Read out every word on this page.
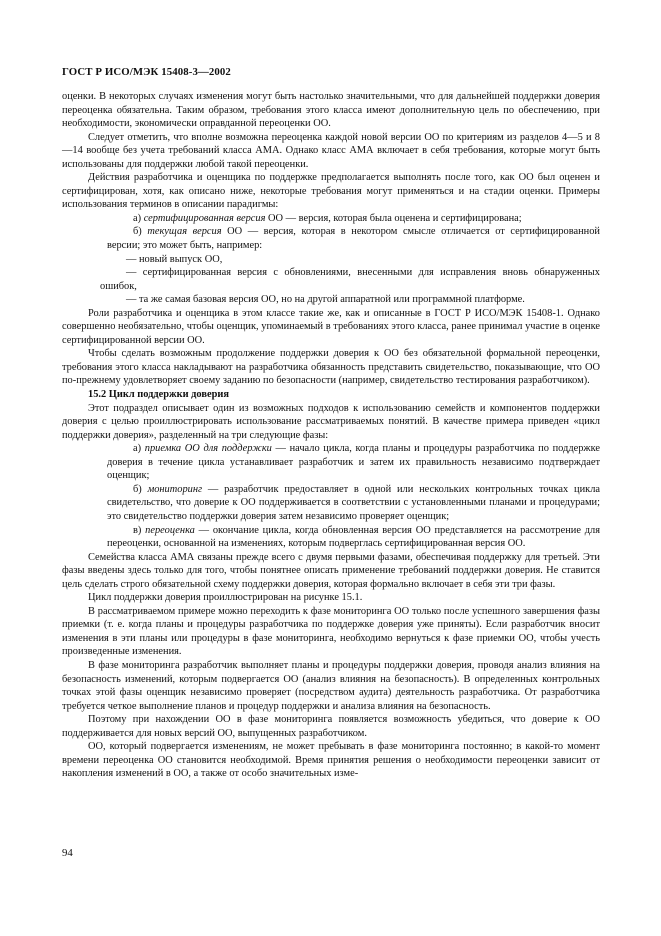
ГОСТ Р ИСО/МЭК 15408-3—2002

оценки. В некоторых случаях изменения могут быть настолько значительными, что для дальнейшей поддержки доверия переоценка обязательна. Таким образом, требования этого класса имеют дополнительную цель по обеспечению, при необходимости, экономически оправданной переоценки ОО.

Следует отметить, что вполне возможна переоценка каждой новой версии ОО по критериям из разделов 4—5 и 8—14 вообще без учета требований класса АМА. Однако класс АМА включает в себя требования, которые могут быть использованы для поддержки любой такой переоценки.

Действия разработчика и оценщика по поддержке предполагается выполнять после того, как ОО был оценен и сертифицирован, хотя, как описано ниже, некоторые требования могут применяться и на стадии оценки. Примеры использования терминов в описании парадигмы:

а) сертифицированная версия ОО — версия, которая была оценена и сертифицирована;

б) текущая версия ОО — версия, которая в некотором смысле отличается от сертифицированной версии; это может быть, например:

— новый выпуск ОО,

— сертифицированная версия с обновлениями, внесенными для исправления вновь обнаруженных ошибок,

— та же самая базовая версия ОО, но на другой аппаратной или программной платформе.

Роли разработчика и оценщика в этом классе такие же, как и описанные в ГОСТ Р ИСО/МЭК 15408-1. Однако совершенно необязательно, чтобы оценщик, упоминаемый в требованиях этого класса, ранее принимал участие в оценке сертифицированной версии ОО.

Чтобы сделать возможным продолжение поддержки доверия к ОО без обязательной формальной переоценки, требования этого класса накладывают на разработчика обязанность представить свидетельство, показывающие, что ОО по-прежнему удовлетворяет своему заданию по безопасности (например, свидетельство тестирования разработчиком).

15.2 Цикл поддержки доверия

Этот подраздел описывает один из возможных подходов к использованию семейств и компонентов поддержки доверия с целью проиллюстрировать использование рассматриваемых понятий. В качестве примера приведен «цикл поддержки доверия», разделенный на три следующие фазы:

а) приемка ОО для поддержки — начало цикла, когда планы и процедуры разработчика по поддержке доверия в течение цикла устанавливает разработчик и затем их правильность независимо подтверждает оценщик;

б) мониторинг — разработчик предоставляет в одной или нескольких контрольных точках цикла свидетельство, что доверие к ОО поддерживается в соответствии с установленными планами и процедурами; это свидетельство поддержки доверия затем независимо проверяет оценщик;

в) переоценка — окончание цикла, когда обновленная версия ОО представляется на рассмотрение для переоценки, основанной на изменениях, которым подверглась сертифицированная версия ОО.

Семейства класса АМА связаны прежде всего с двумя первыми фазами, обеспечивая поддержку для третьей. Эти фазы введены здесь только для того, чтобы понятнее описать применение требований поддержки доверия. Не ставится цель сделать строго обязательной схему поддержки доверия, которая формально включает в себя эти три фазы.

Цикл поддержки доверия проиллюстрирован на рисунке 15.1.

В рассматриваемом примере можно переходить к фазе мониторинга ОО только после успешного завершения фазы приемки (т. е. когда планы и процедуры разработчика по поддержке доверия уже приняты). Если разработчик вносит изменения в эти планы или процедуры в фазе мониторинга, необходимо вернуться к фазе приемки ОО, чтобы учесть произведенные изменения.

В фазе мониторинга разработчик выполняет планы и процедуры поддержки доверия, проводя анализ влияния на безопасность изменений, которым подвергается ОО (анализ влияния на безопасность). В определенных контрольных точках этой фазы оценщик независимо проверяет (посредством аудита) деятельность разработчика. От разработчика требуется четкое выполнение планов и процедур поддержки и анализа влияния на безопасность.

Поэтому при нахождении ОО в фазе мониторинга появляется возможность убедиться, что доверие к ОО поддерживается для новых версий ОО, выпущенных разработчиком.

ОО, который подвергается изменениям, не может пребывать в фазе мониторинга постоянно; в какой-то момент времени переоценка ОО становится необходимой. Время принятия решения о необходимости переоценки зависит от накопления изменений в ОО, а также от особо значительных изме-

94
